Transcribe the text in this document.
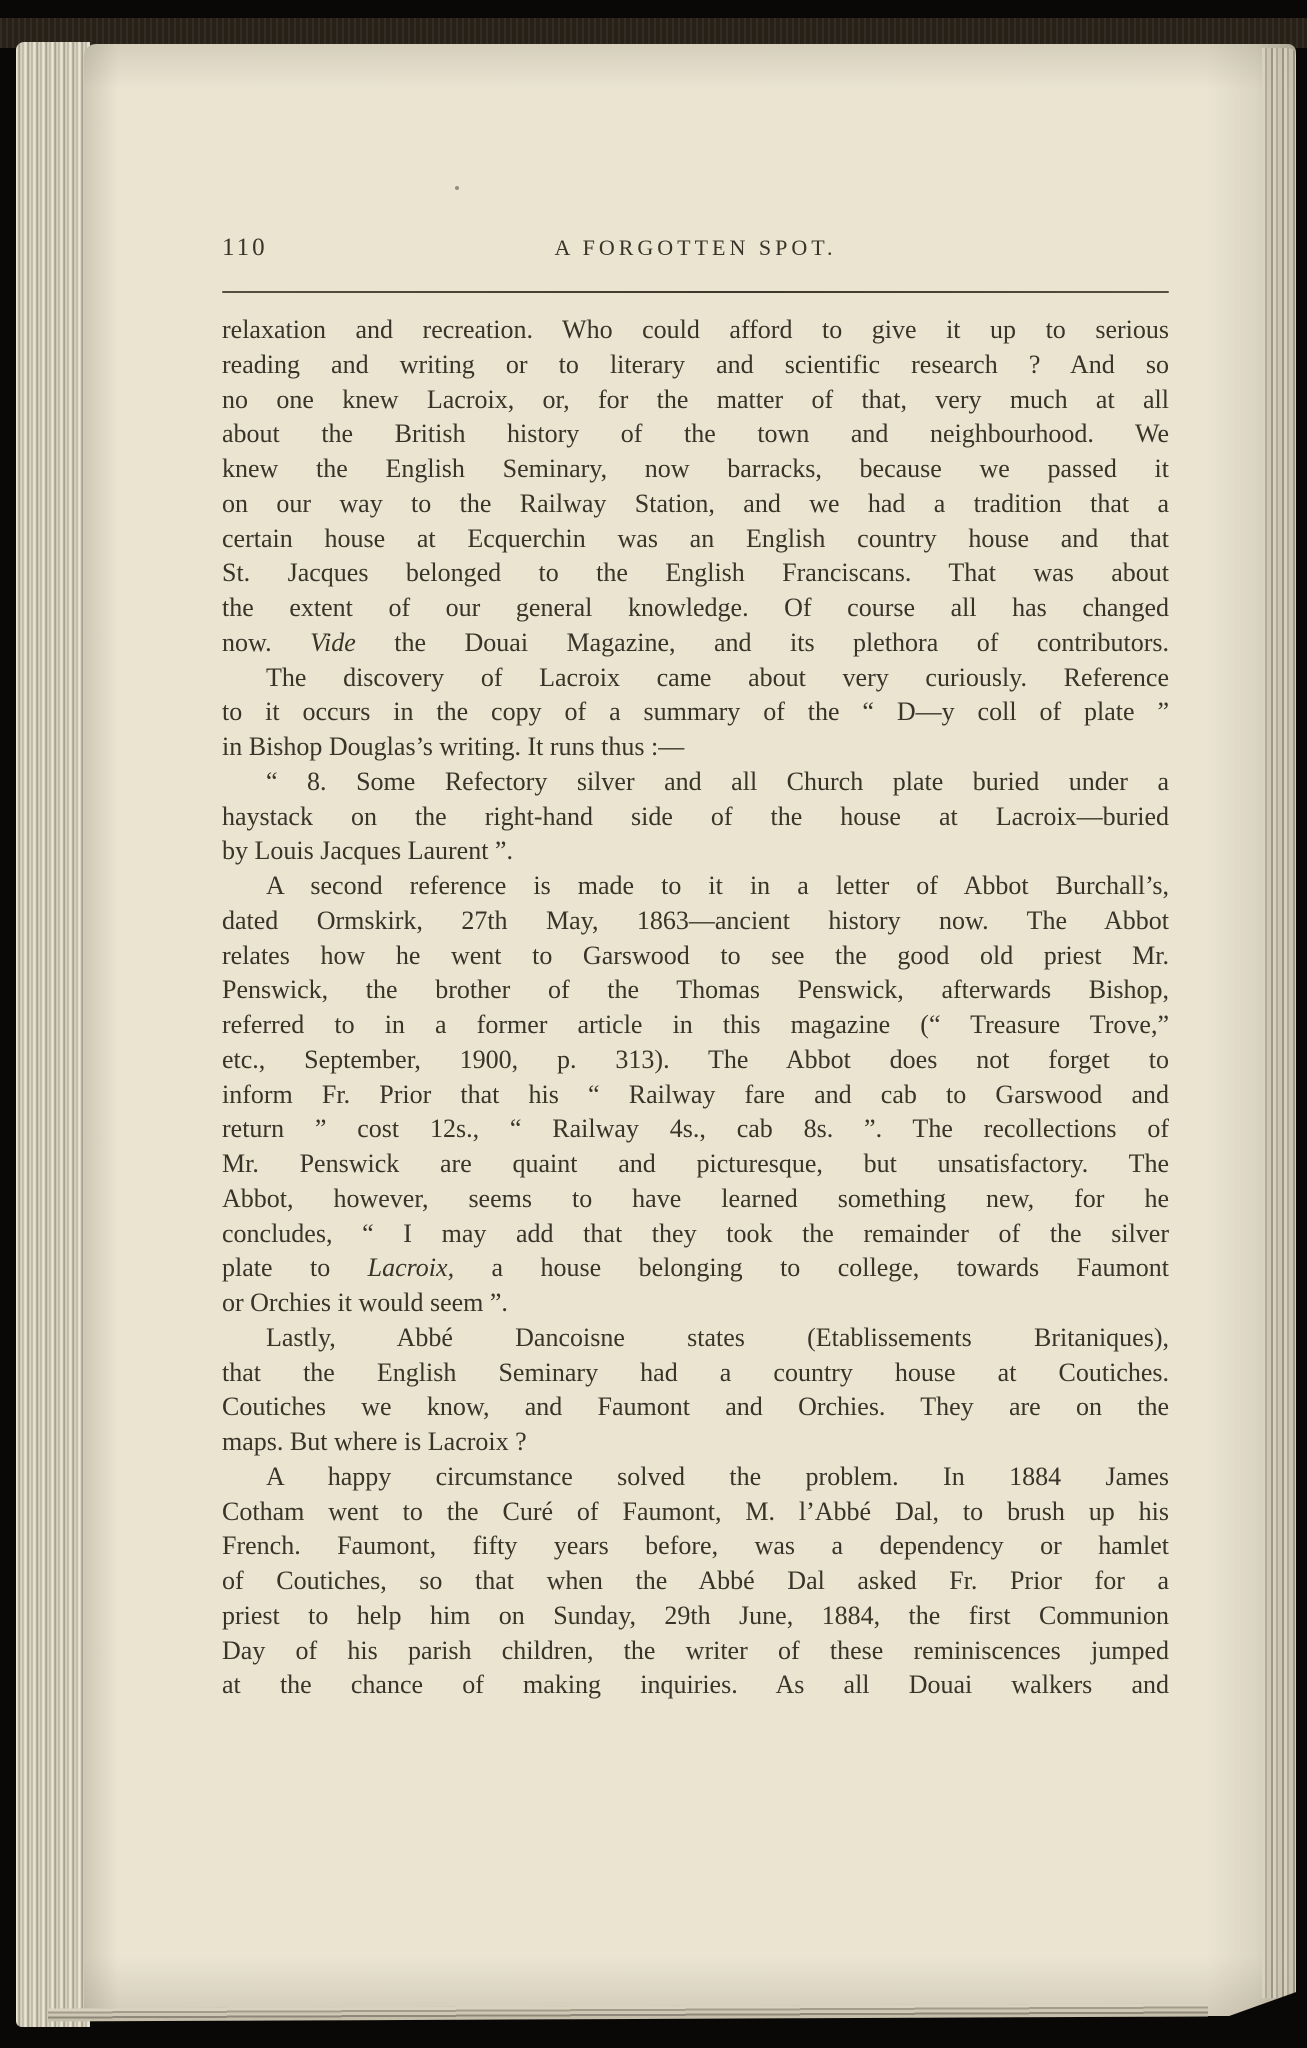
110	A FORGOTTEN SPOT.
relaxation and recreation. Who could afford to give it up to serious
reading and writing or to literary and scientific research ? And so
no one knew Lacroix, or, for the matter of that, very much at all
about the British history of the town and neighbourhood. We
knew the English Seminary, now barracks, because we passed it
on our way to the Railway Station, and we had a tradition that a
certain house at Ecquerchin was an English country house and that
St. Jacques belonged to the English Franciscans. That was about
the extent of our general knowledge. Of course all has changed
now. Vide the Douai Magazine, and its plethora of contributors.
The discovery of Lacroix came about very curiously. Reference
to it occurs in the copy of a summary of the “ D—y coll of plate ”
in Bishop Douglas’s writing. It runs thus :—
“ 8. Some Refectory silver and all Church plate buried under a
haystack on the right-hand side of the house at Lacroix—buried
by Louis Jacques Laurent ”.
A second reference is made to it in a letter of Abbot Burchall’s,
dated Ormskirk, 27th May, 1863—ancient history now. The Abbot
relates how he went to Garswood to see the good old priest Mr.
Penswick, the brother of the Thomas Penswick, afterwards Bishop,
referred to in a former article in this magazine (“ Treasure Trove,”
etc., September, 1900, p. 313). The Abbot does not forget to
inform Fr. Prior that his “ Railway fare and cab to Garswood and
return ” cost 12s., “ Railway 4s., cab 8s. ”. The recollections of
Mr. Penswick are quaint and picturesque, but unsatisfactory. The
Abbot, however, seems to have learned something new, for he
concludes, “ I may add that they took the remainder of the silver
plate to Lacroix, a house belonging to college, towards Faumont
or Orchies it would seem ”.
Lastly, Abbé Dancoisne states (Etablissements Britaniques),
that the English Seminary had a country house at Coutiches.
Coutiches we know, and Faumont and Orchies. They are on the
maps. But where is Lacroix ?
A happy circumstance solved the problem. In 1884 James
Cotham went to the Curé of Faumont, M. l’Abbé Dal, to brush up his
French. Faumont, fifty years before, was a dependency or hamlet
of Coutiches, so that when the Abbé Dal asked Fr. Prior for a
priest to help him on Sunday, 29th June, 1884, the first Communion
Day of his parish children, the writer of these reminiscences jumped
at the chance of making inquiries. As all Douai walkers and
